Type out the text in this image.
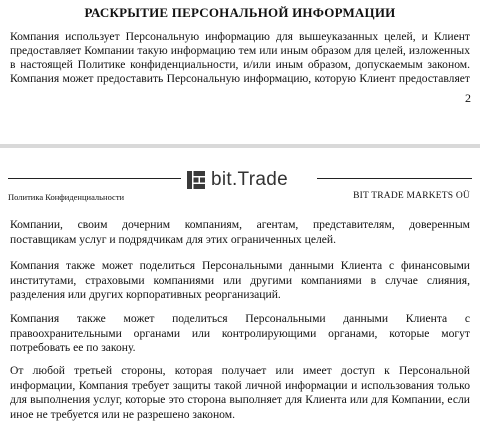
РАСКРЫТИЕ ПЕРСОНАЛЬНОЙ ИНФОРМАЦИИ
Компания использует Персональную информацию для вышеуказанных целей, и Клиент
предоставляет Компании такую информацию тем или иным образом для целей, изложенных
в настоящей Политике конфиденциальности, и/или иным образом, допускаемым законом.
Компания может предоставить Персональную информацию, которую Клиент предоставляет
2
bit.Trade
Политика Конфиденциальности	BIT TRADE MARKETS OÜ
Компании, своим дочерним компаниям, агентам, представителям, доверенным
поставщикам услуг и подрядчикам для этих ограниченных целей.
Компания также может поделиться Персональными данными Клиента с финансовыми
институтами, страховыми компаниями или другими компаниями в случае слияния,
разделения или других корпоративных реорганизаций.
Компания также может поделиться Персональными данными Клиента с
правоохранительными органами или контролирующими органами, которые могут
потребовать ее по закону.
От любой третьей стороны, которая получает или имеет доступ к Персональной
информации, Компания требует защиты такой личной информации и использования только
для выполнения услуг, которые это сторона выполняет для Клиента или для Компании, если
иное не требуется или не разрешено законом.
